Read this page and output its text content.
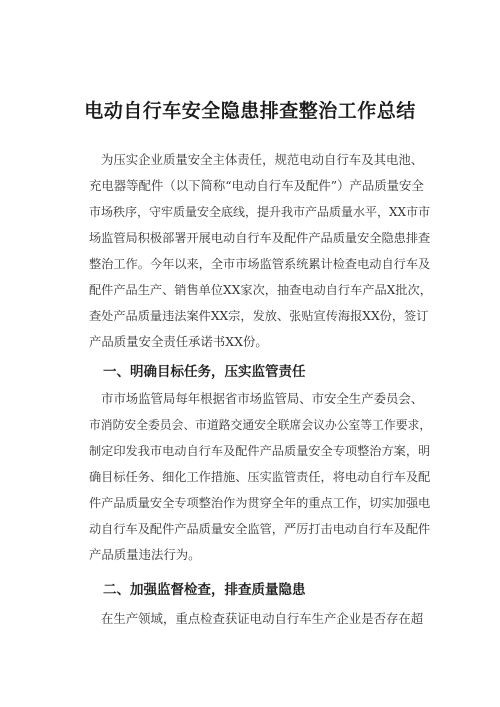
电动自行车安全隐患排查整治工作总结
为压实企业质量安全主体责任，规范电动自行车及其电池、
充电器等配件（以下简称“电动自行车及配件”）产品质量安全
市场秩序，守牢质量安全底线，提升我市产品质量水平，XX市市
场监管局积极部署开展电动自行车及配件产品质量安全隐患排查
整治工作。今年以来，全市市场监管系统累计检查电动自行车及
配件产品生产、销售单位XX家次，抽查电动自行车产品X批次，
查处产品质量违法案件XX宗，发放、张贴宣传海报XX份，签订
产品质量安全责任承诺书XX份。
一、明确目标任务，压实监管责任
市市场监管局每年根据省市场监管局、市安全生产委员会、
市消防安全委员会、市道路交通安全联席会议办公室等工作要求，
制定印发我市电动自行车及配件产品质量安全专项整治方案，明
确目标任务、细化工作措施、压实监管责任，将电动自行车及配
件产品质量安全专项整治作为贯穿全年的重点工作，切实加强电
动自行车及配件产品质量安全监管，严厉打击电动自行车及配件
产品质量违法行为。
二、加强监督检查，排查质量隐患
在生产领域，重点检查获证电动自行车生产企业是否存在超
